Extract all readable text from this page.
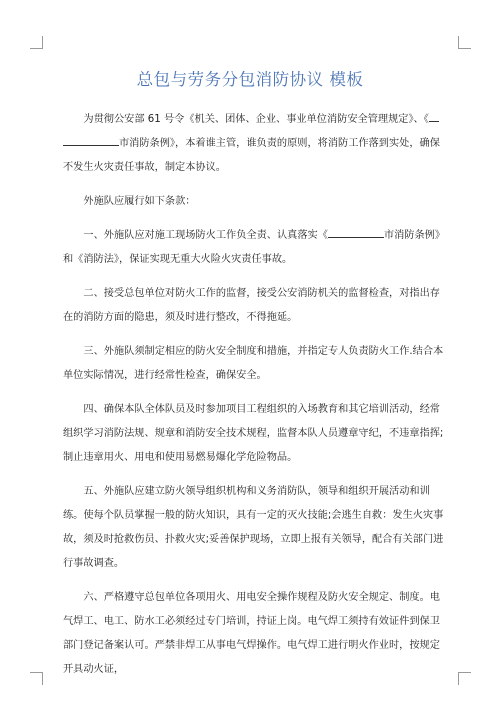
总包与劳务分包消防协议 模板

为贯彻公安部 61 号令《机关、团体、企业、事业单位消防安全管理规定》、《
市消防条例》，本着谁主管，谁负责的原则，将消防工作落到实处，确保不发生火灾责任事故，制定本协议。

外施队应履行如下条款：

一、外施队应对施工现场防火工作负全责、认真落实《	市消防条例》和《消防法》，保证实现无重大火险火灾责任事故。

二、接受总包单位对防火工作的监督，接受公安消防机关的监督检查，对指出存在的消防方面的隐患，须及时进行整改，不得拖延。

三、外施队须制定相应的防火安全制度和措施，并指定专人负责防火工作.结合本单位实际情况，进行经常性检查，确保安全。

四、确保本队全体队员及时参加项目工程组织的入场教育和其它培训活动，经常组织学习消防法规、规章和消防安全技术规程，监督本队人员遵章守纪，不违章指挥;制止违章用火、用电和使用易燃易爆化学危险物品。

五、外施队应建立防火领导组织机构和义务消防队，领导和组织开展活动和训练。使每个队员掌握一般的防火知识，具有一定的灭火技能;会逃生自救：发生火灾事故，须及时抢救伤员、扑救火灾;妥善保护现场，立即上报有关领导，配合有关部门进行事故调查。

六、严格遵守总包单位各项用火、用电安全操作规程及防火安全规定、制度。电气焊工、电工、防水工必须经过专门培训，持证上岗。电气焊工须持有效证件到保卫部门登记备案认可。严禁非焊工从事电气焊操作。电气焊工进行明火作业时，按规定开具动火证，
